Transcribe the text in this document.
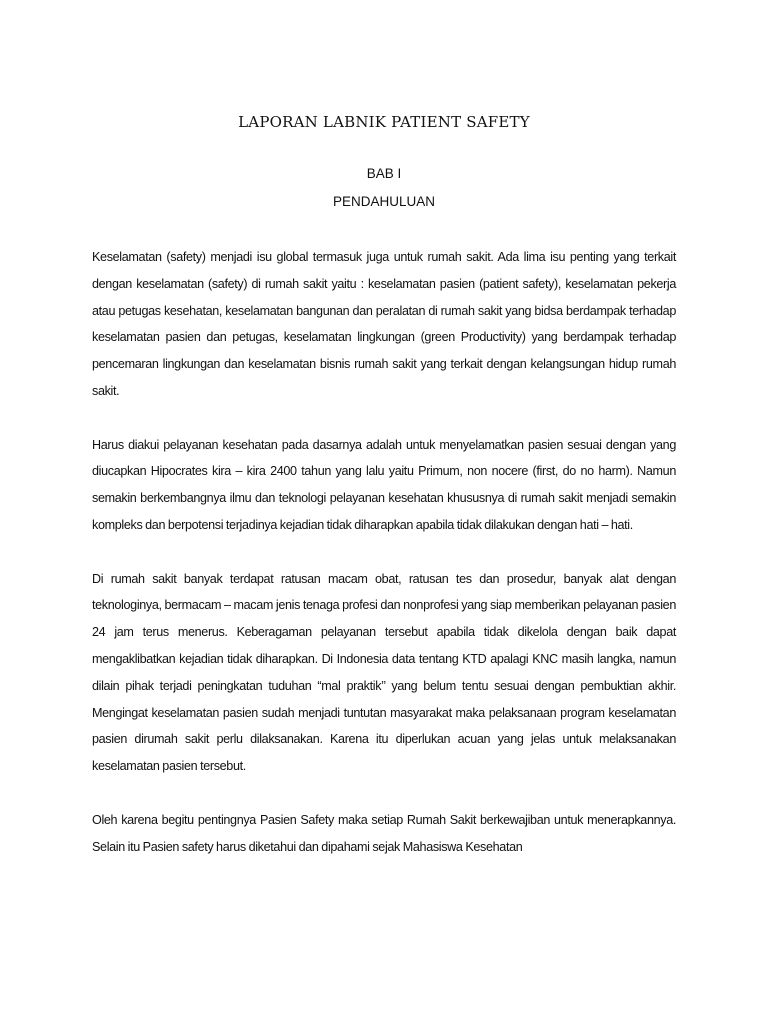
LAPORAN LABNIK PATIENT SAFETY
BAB I
PENDAHULUAN

Keselamatan (safety) menjadi isu global termasuk juga untuk rumah sakit. Ada lima isu penting yang terkait dengan keselamatan (safety) di rumah sakit yaitu : keselamatan pasien (patient safety), keselamatan pekerja atau petugas kesehatan, keselamatan bangunan dan peralatan di rumah sakit yang bidsa berdampak terhadap keselamatan pasien dan petugas, keselamatan lingkungan (green Productivity) yang berdampak terhadap pencemaran lingkungan dan keselamatan bisnis rumah sakit yang terkait dengan kelangsungan hidup rumah sakit.

Harus diakui pelayanan kesehatan pada dasarnya adalah untuk menyelamatkan pasien sesuai dengan yang diucapkan Hipocrates kira – kira 2400 tahun yang lalu yaitu Primum, non nocere (first, do no harm). Namun semakin berkembangnya ilmu dan teknologi pelayanan kesehatan khususnya di rumah sakit menjadi semakin kompleks dan berpotensi terjadinya kejadian tidak diharapkan apabila tidak dilakukan dengan hati – hati.

Di rumah sakit banyak terdapat ratusan macam obat, ratusan tes dan prosedur, banyak alat dengan teknologinya, bermacam – macam jenis tenaga profesi dan nonprofesi yang siap memberikan pelayanan pasien 24 jam terus menerus. Keberagaman pelayanan tersebut apabila tidak dikelola dengan baik dapat mengaklibatkan kejadian tidak diharapkan. Di Indonesia data tentang KTD apalagi KNC masih langka, namun dilain pihak terjadi peningkatan tuduhan “mal praktik’’ yang belum tentu sesuai dengan pembuktian akhir. Mengingat keselamatan pasien sudah menjadi tuntutan masyarakat maka pelaksanaan program keselamatan pasien dirumah sakit perlu dilaksanakan. Karena itu diperlukan acuan yang jelas untuk melaksanakan keselamatan pasien tersebut.

Oleh karena begitu pentingnya Pasien Safety maka setiap Rumah Sakit berkewajiban untuk menerapkannya. Selain itu Pasien safety harus diketahui dan dipahami sejak Mahasiswa Kesehatan
